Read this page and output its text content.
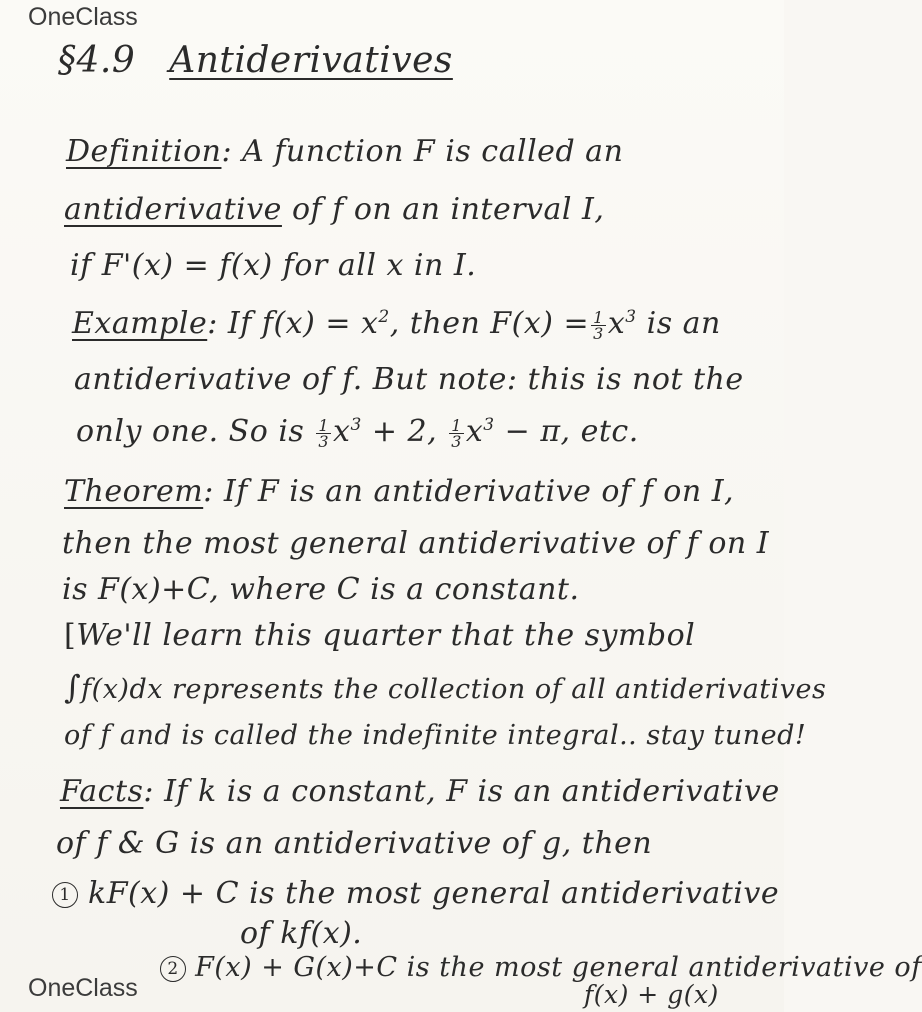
OneClass
§4.9 Antiderivatives
Definition: A function F is called an
antiderivative of f on an interval I,
if F'(x) = f(x) for all x in I.
Example: If $f(x) = x^2$, then $F(x) = \frac{1}{3} x^3$ is an
antiderivative of f. But note: this is not the
only one. So is $\frac{1}{3} x^3 + 2$, $\frac{1}{3} x^3 - \pi$, etc.
Theorem: If F is an antiderivative of f on I,
then the most general antiderivative of f on I
is F(x)+C, where C is a constant.
[We'll learn this quarter that the symbol
∫f(x)dx represents the collection of all antiderivatives
of f and is called the indefinite integral.. stay tuned!
Facts: If k is a constant, F is an antiderivative
of f & G is an antiderivative of g, then
1 kF(x) + C is the most general antiderivative
of kf(x).
2 F(x) + G(x)+C is the most general antiderivative of
f(x) + g(x)
OneClass
